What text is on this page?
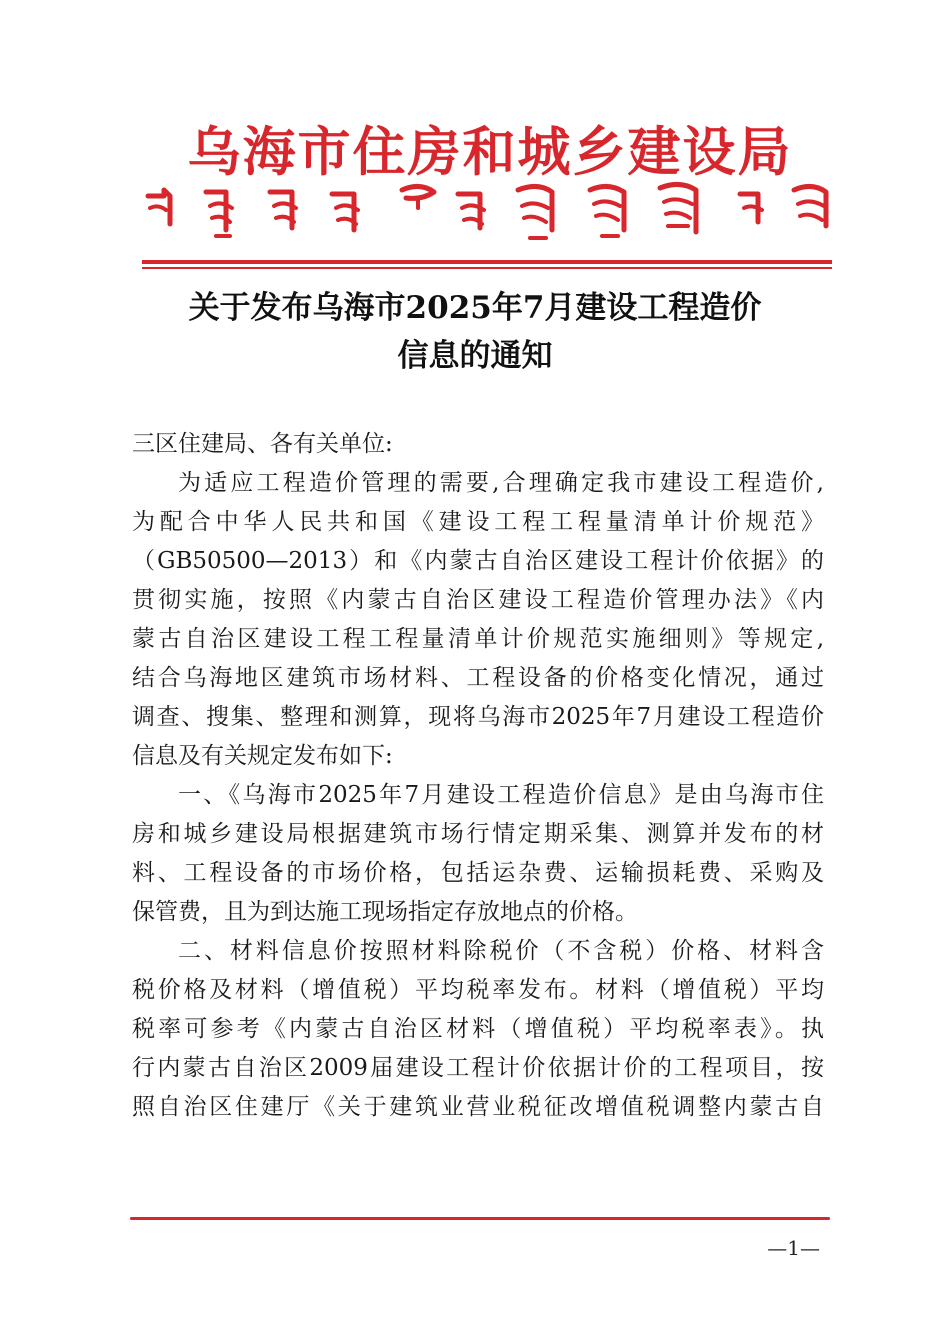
乌海市住房和城乡建设局
关于发布乌海市2025年7月建设工程造价
信息的通知
三区住建局、各有关单位:
为适应工程造价管理的需要,合理确定我市建设工程造价,
为配合中华人民共和国《建设工程工程量清单计价规范》
（GB50500—2013）和《内蒙古自治区建设工程计价依据》的
贯彻实施，按照《内蒙古自治区建设工程造价管理办法》《内
蒙古自治区建设工程工程量清单计价规范实施细则》等规定,
结合乌海地区建筑市场材料、工程设备的价格变化情况，通过
调查、搜集、整理和测算，现将乌海市2025年7月建设工程造价
信息及有关规定发布如下:
一、《乌海市2025年7月建设工程造价信息》是由乌海市住
房和城乡建设局根据建筑市场行情定期采集、测算并发布的材
料、工程设备的市场价格，包括运杂费、运输损耗费、采购及
保管费，且为到达施工现场指定存放地点的价格。
二、材料信息价按照材料除税价（不含税）价格、材料含
税价格及材料（增值税）平均税率发布。材料（增值税）平均
税率可参考《内蒙古自治区材料（增值税）平均税率表》。执
行内蒙古自治区2009届建设工程计价依据计价的工程项目，按
照自治区住建厅《关于建筑业营业税征改增值税调整内蒙古自
—1—
